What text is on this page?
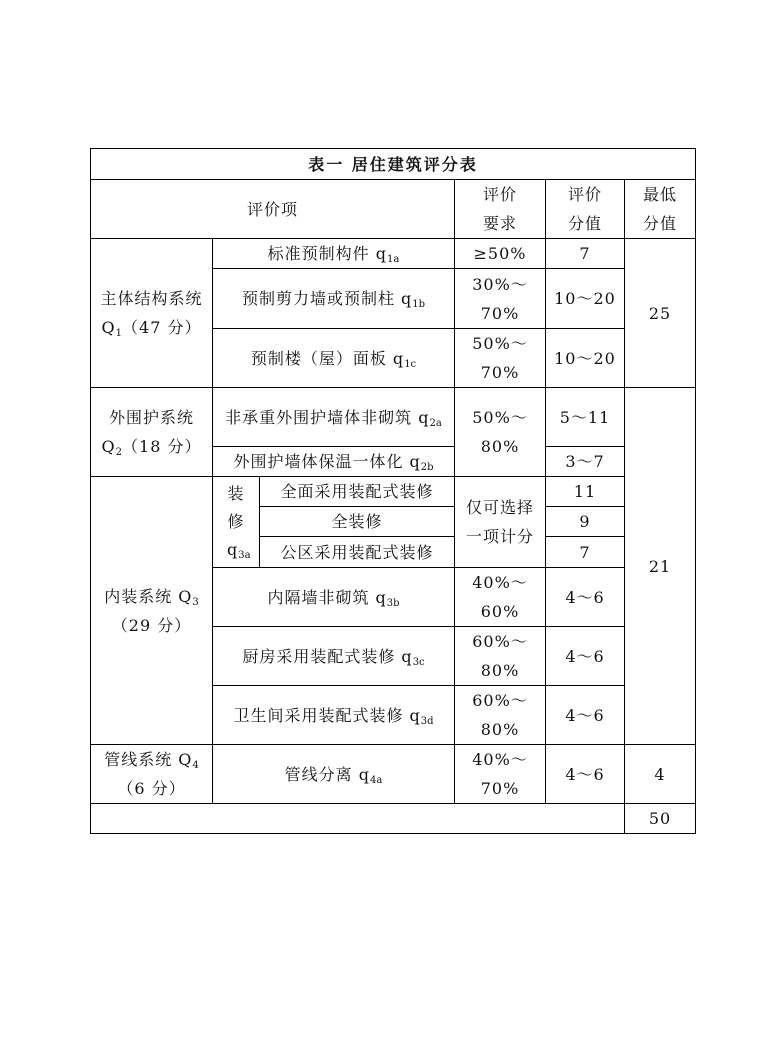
表一 居住建筑评分表					
评价项			评价要求	评价分值	最低分值
主体结构系统 $Q_1(47$ 分）	标准预制构件 $q_{1a}$		≥50%	7	25
	预制剪力墙或预制柱 $q_{1b}$		30%～70%	10～20	
	预制楼（屋）面板 $q_{1c}$		50%～70%	10～20	
外围护系统 $Q_2(18$ 分）	非承重外围护墙体非砌筑 $q_{2a}$		50%～80%	5～11	21
	外围护墙体保温一体化 $q_{2b}$			3～7	
内装系统 $Q_3(29$ 分）	装修 $q_{3a}$	全面采用装配式装修	仅可选择一项计分	11	
		全装修		9	
		公区采用装配式装修		7	
	内隔墙非砌筑 $q_{3b}$		40%～60%	4～6	
	厨房采用装配式装修 $q_{3c}$		60%～80%	4～6	
	卫生间采用装配式装修 $q_{3d}$		60%～80%	4～6	
管线系统 $Q_4(6$ 分）	管线分离 $q_{4a}$		40%～70%	4～6	4
					50
